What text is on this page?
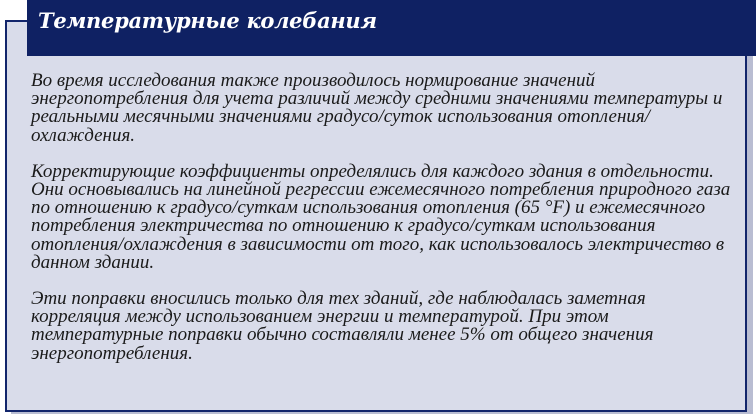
Температурные колебания

Во время исследования также производилось нормирование значений энергопотребления для учета различий между средними значениями температуры и реальными месячными значениями градусо/суток использования отопления/охлаждения.

Корректирующие коэффициенты определялись для каждого здания в отдельности. Они основывались на линейной регрессии ежемесячного потребления природного газа по отношению к градусо/суткам использования отопления (65 °F) и ежемесячного потребления электричества по отношению к градусо/суткам использования отопления/охлаждения в зависимости от того, как использовалось электричество в данном здании.

Эти поправки вносились только для тех зданий, где наблюдалась заметная корреляция между использованием энергии и температурой. При этом температурные поправки обычно составляли менее 5% от общего значения энергопотребления.
